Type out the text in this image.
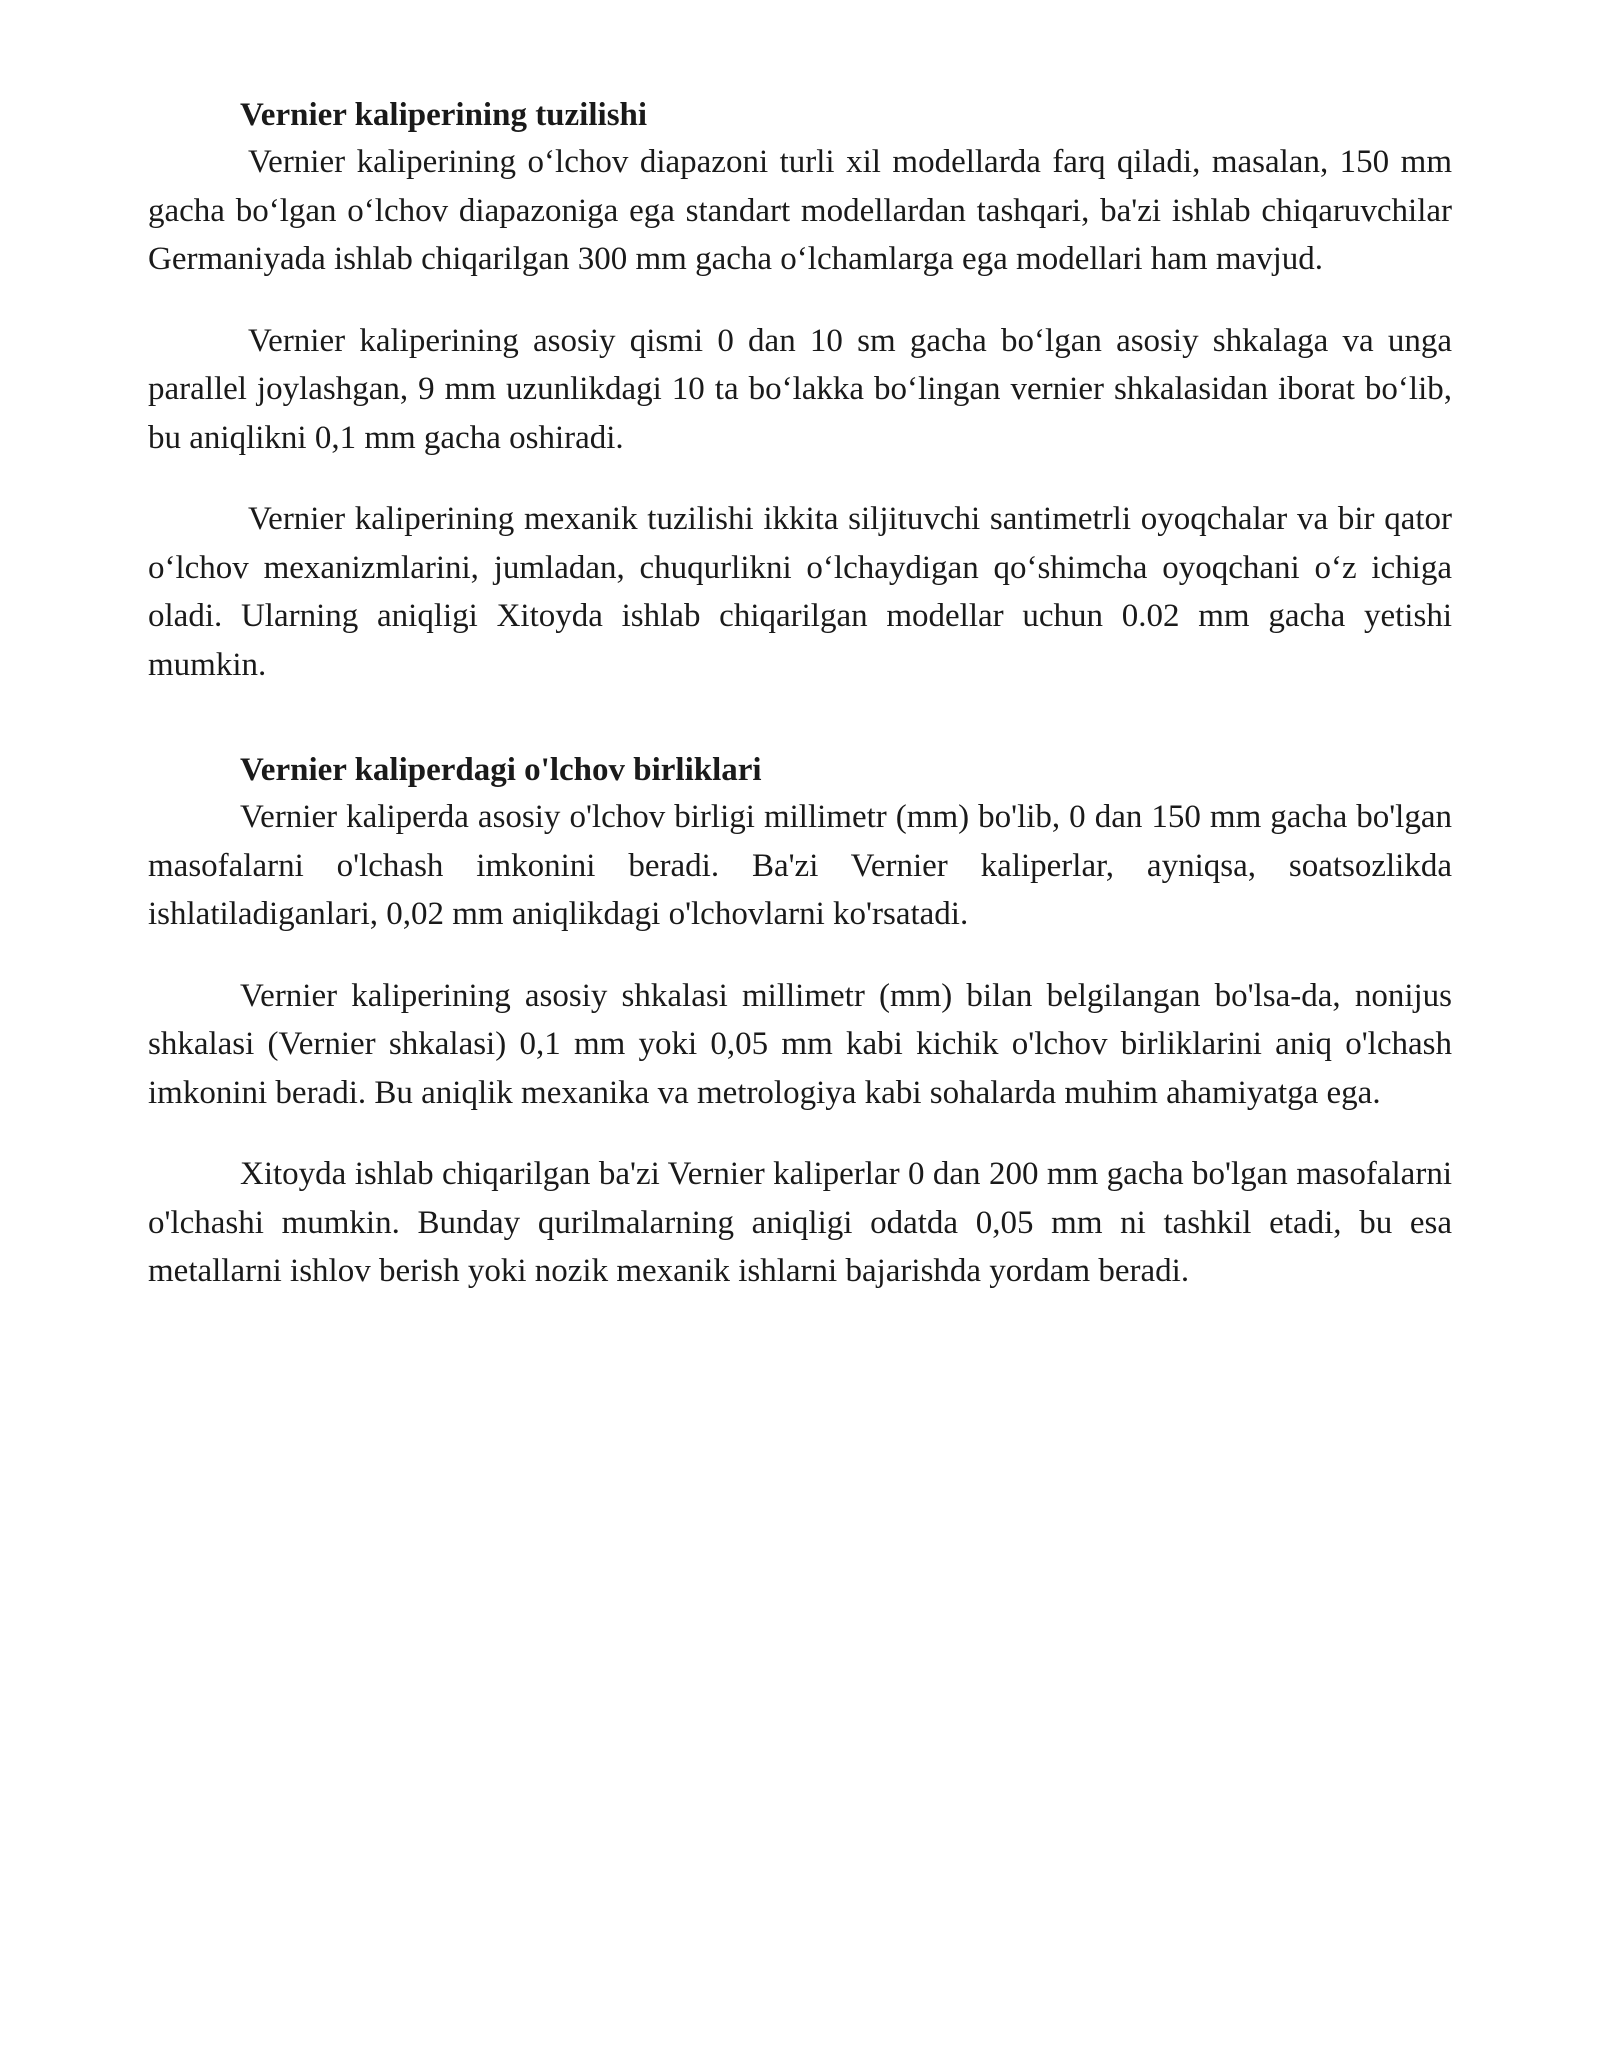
Vernier kaliperining tuzilishi

Vernier kaliperining o‘lchov diapazoni turli xil modellarda farq qiladi, masalan, 150 mm gacha bo‘lgan o‘lchov diapazoniga ega standart modellardan tashqari, ba'zi ishlab chiqaruvchilar Germaniyada ishlab chiqarilgan 300 mm gacha o‘lchamlarga ega modellari ham mavjud.

Vernier kaliperining asosiy qismi 0 dan 10 sm gacha bo‘lgan asosiy shkalaga va unga parallel joylashgan, 9 mm uzunlikdagi 10 ta bo‘lakka bo‘lingan vernier shkalasidan iborat bo‘lib, bu aniqlikni 0,1 mm gacha oshiradi.

Vernier kaliperining mexanik tuzilishi ikkita siljituvchi santimetrli oyoqchalar va bir qator o‘lchov mexanizmlarini, jumladan, chuqurlikni o‘lchaydigan qo‘shimcha oyoqchani o‘z ichiga oladi. Ularning aniqligi Xitoyda ishlab chiqarilgan modellar uchun 0.02 mm gacha yetishi mumkin.

Vernier kaliperdagi o'lchov birliklari

Vernier kaliperda asosiy o'lchov birligi millimetr (mm) bo'lib, 0 dan 150 mm gacha bo'lgan masofalarni o'lchash imkonini beradi. Ba'zi Vernier kaliperlar, ayniqsa, soatsozlikda ishlatiladiganlari, 0,02 mm aniqlikdagi o'lchovlarni ko'rsatadi.

Vernier kaliperining asosiy shkalasi millimetr (mm) bilan belgilangan bo'lsa-da, nonijus shkalasi (Vernier shkalasi) 0,1 mm yoki 0,05 mm kabi kichik o'lchov birliklarini aniq o'lchash imkonini beradi. Bu aniqlik mexanika va metrologiya kabi sohalarda muhim ahamiyatga ega.

Xitoyda ishlab chiqarilgan ba'zi Vernier kaliperlar 0 dan 200 mm gacha bo'lgan masofalarni o'lchashi mumkin. Bunday qurilmalarning aniqligi odatda 0,05 mm ni tashkil etadi, bu esa metallarni ishlov berish yoki nozik mexanik ishlarni bajarishda yordam beradi.
